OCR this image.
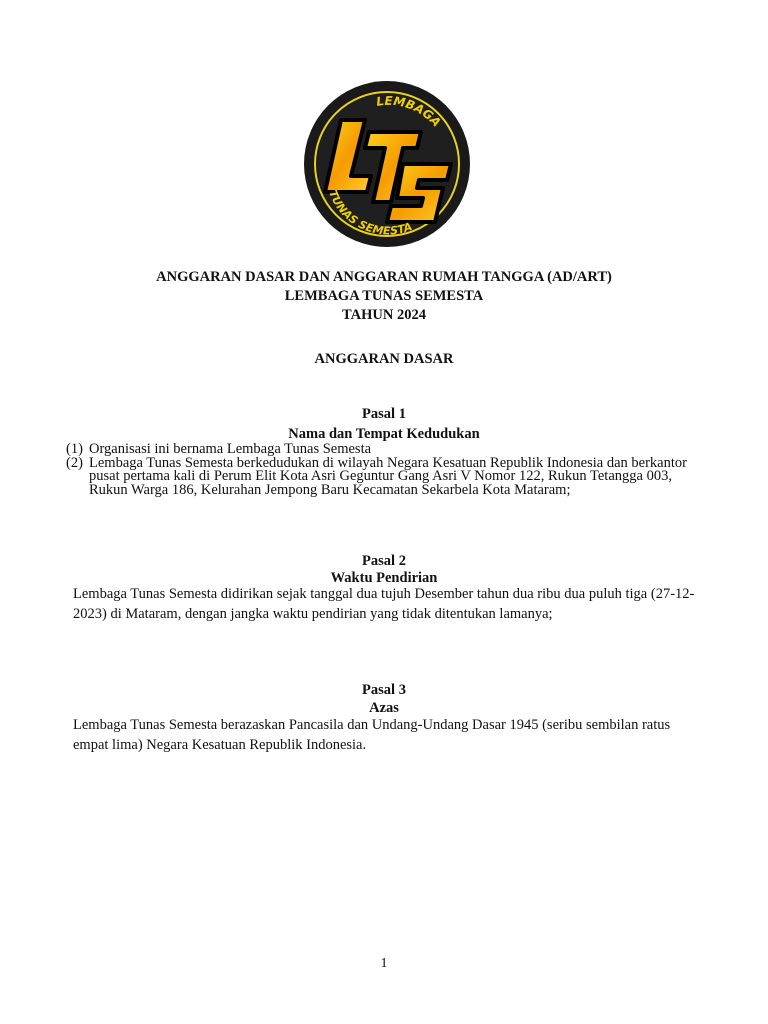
LEMBAGA
TUNAS SEMESTA

ANGGARAN DASAR DAN ANGGARAN RUMAH TANGGA (AD/ART)

LEMBAGA TUNAS SEMESTA

TAHUN 2024

ANGGARAN DASAR

Pasal 1

Nama dan Tempat Kedudukan

(1) Organisasi ini bernama Lembaga Tunas Semesta
(2) Lembaga Tunas Semesta berkedudukan di wilayah Negara Kesatuan Republik Indonesia dan berkantor pusat pertama kali di Perum Elit Kota Asri Geguntur Gang Asri V Nomor 122, Rukun Tetangga 003, Rukun Warga 186, Kelurahan Jempong Baru Kecamatan Sekarbela Kota Mataram;

Pasal 2

Waktu Pendirian

Lembaga Tunas Semesta didirikan sejak tanggal dua tujuh Desember tahun dua ribu dua puluh tiga (27-12-2023) di Mataram, dengan jangka waktu pendirian yang tidak ditentukan lamanya;

Pasal 3

Azas

Lembaga Tunas Semesta berazaskan Pancasila dan Undang-Undang Dasar 1945 (seribu sembilan ratus empat lima) Negara Kesatuan Republik Indonesia.

1
